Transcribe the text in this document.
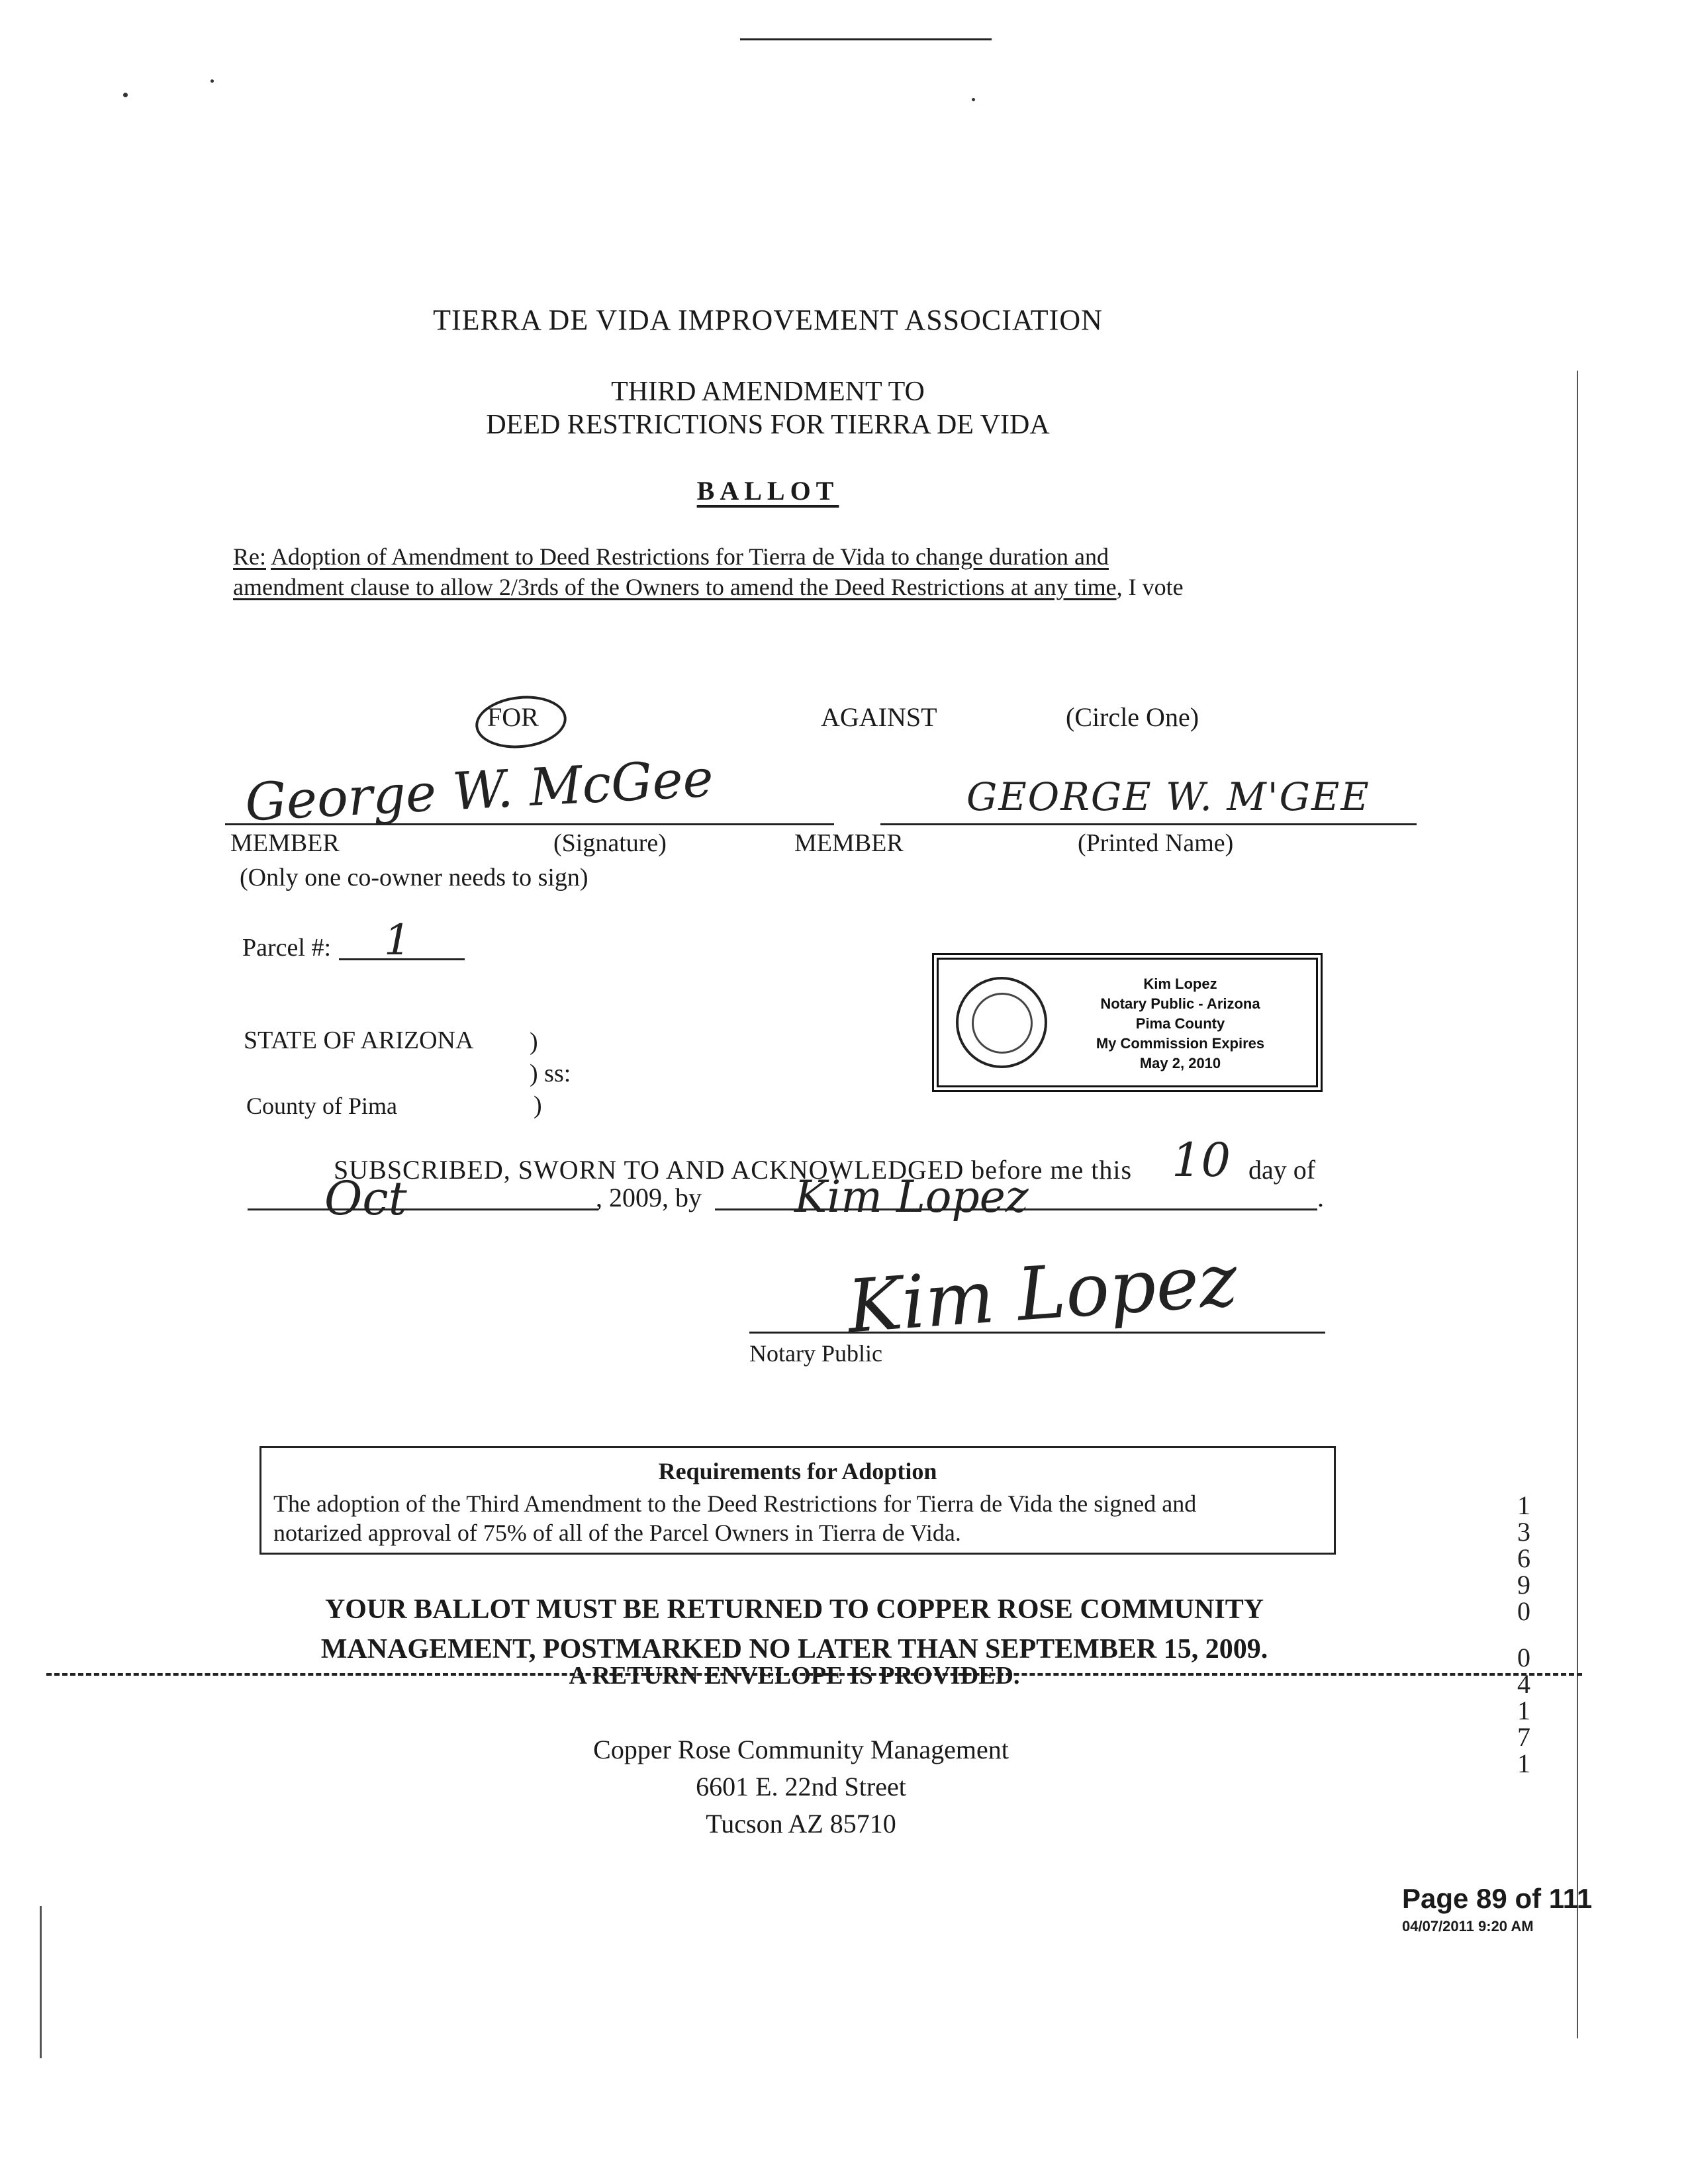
TIERRA DE VIDA IMPROVEMENT ASSOCIATION
THIRD AMENDMENT TO
DEED RESTRICTIONS FOR TIERRA DE VIDA
BALLOT
Re: Adoption of Amendment to Deed Restrictions for Tierra de Vida to change duration and
amendment clause to allow 2/3rds of the Owners to amend the Deed Restrictions at any time, I vote
FOR	AGAINST	(Circle One)
George W. McGee	GEORGE W. M'GEE
MEMBER	(Signature)	MEMBER	(Printed Name)
(Only one co-owner needs to sign)
Parcel #: 1
Kim Lopez
Notary Public - Arizona
Pima County
My Commission Expires
May 2, 2010
STATE OF ARIZONA )
) ss:
County of Pima	)
SUBSCRIBED, SWORN TO AND ACKNOWLEDGED before me this 10 day of
Oct	, 2009, by Kim Lopez	.
Kim Lopez
Notary Public
Requirements for Adoption
The adoption of the Third Amendment to the Deed Restrictions for Tierra de Vida the signed and
notarized approval of 75% of all of the Parcel Owners in Tierra de Vida.
1
3
6
9
0
0
4
1
7
1
YOUR BALLOT MUST BE RETURNED TO COPPER ROSE COMMUNITY
MANAGEMENT, POSTMARKED NO LATER THAN SEPTEMBER 15, 2009.
A RETURN ENVELOPE IS PROVIDED.
Copper Rose Community Management
6601 E. 22nd Street
Tucson AZ 85710
Page 89 of 111
04/07/2011 9:20 AM
